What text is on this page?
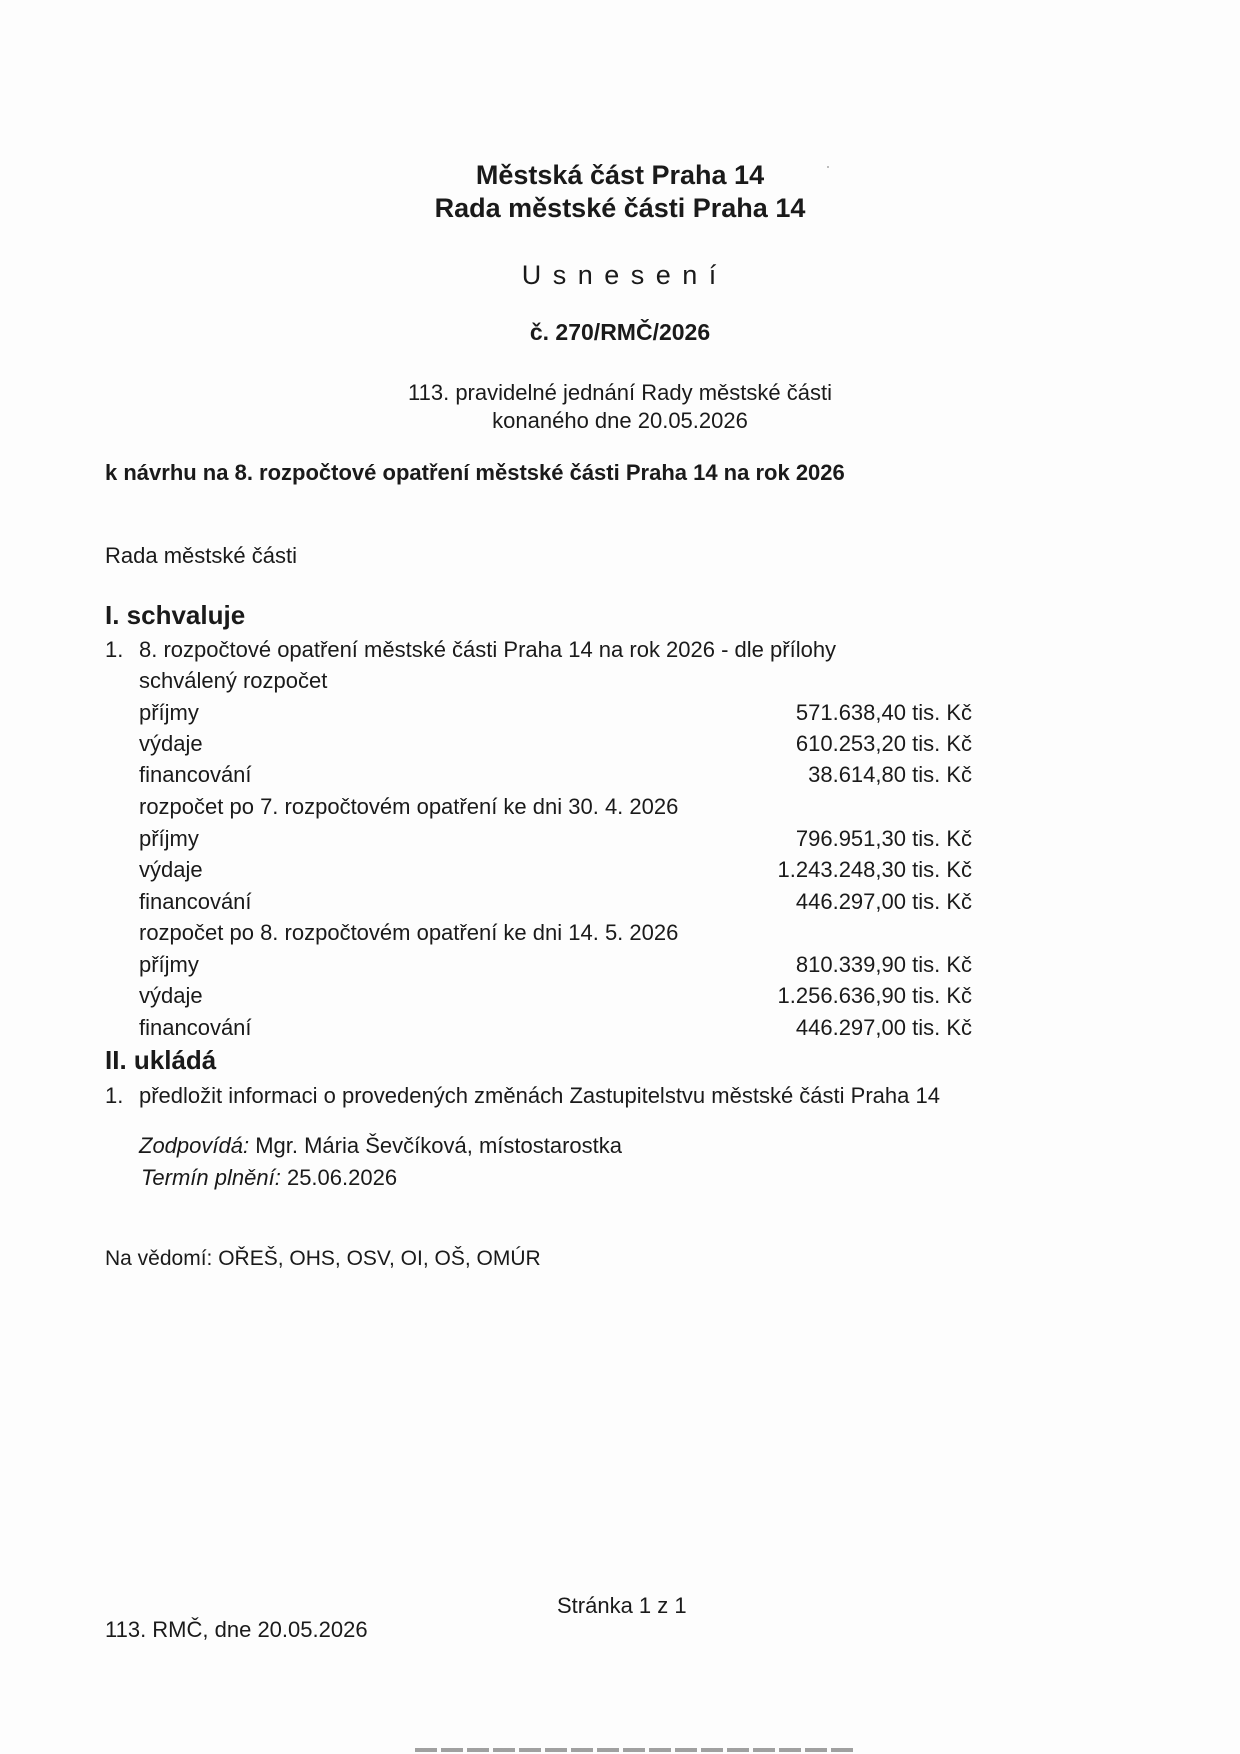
Městská část Praha 14
Rada městské části Praha 14
U s n e s e n í
č. 270/RMČ/2026
113. pravidelné jednání Rady městské části
konaného dne 20.05.2026
k návrhu na 8. rozpočtové opatření městské části Praha 14 na rok 2026
Rada městské části
I. schvaluje
1. 8. rozpočtové opatření městské části Praha 14 na rok 2026 - dle přílohy
schválený rozpočet
příjmy	571.638,40 tis. Kč
výdaje	610.253,20 tis. Kč
financování	38.614,80 tis. Kč
rozpočet po 7. rozpočtovém opatření ke dni 30. 4. 2026
příjmy	796.951,30 tis. Kč
výdaje	1.243.248,30 tis. Kč
financování	446.297,00 tis. Kč
rozpočet po 8. rozpočtovém opatření ke dni 14. 5. 2026
příjmy	810.339,90 tis. Kč
výdaje	1.256.636,90 tis. Kč
financování	446.297,00 tis. Kč
II. ukládá
1. předložit informaci o provedených změnách Zastupitelstvu městské části Praha 14
Zodpovídá: Mgr. Mária Ševčíková, místostarostka
Termín plnění: 25.06.2026
Na vědomí: OŘEŠ, OHS, OSV, OI, OŠ, OMÚR
Stránka 1 z 1
113. RMČ, dne 20.05.2026
